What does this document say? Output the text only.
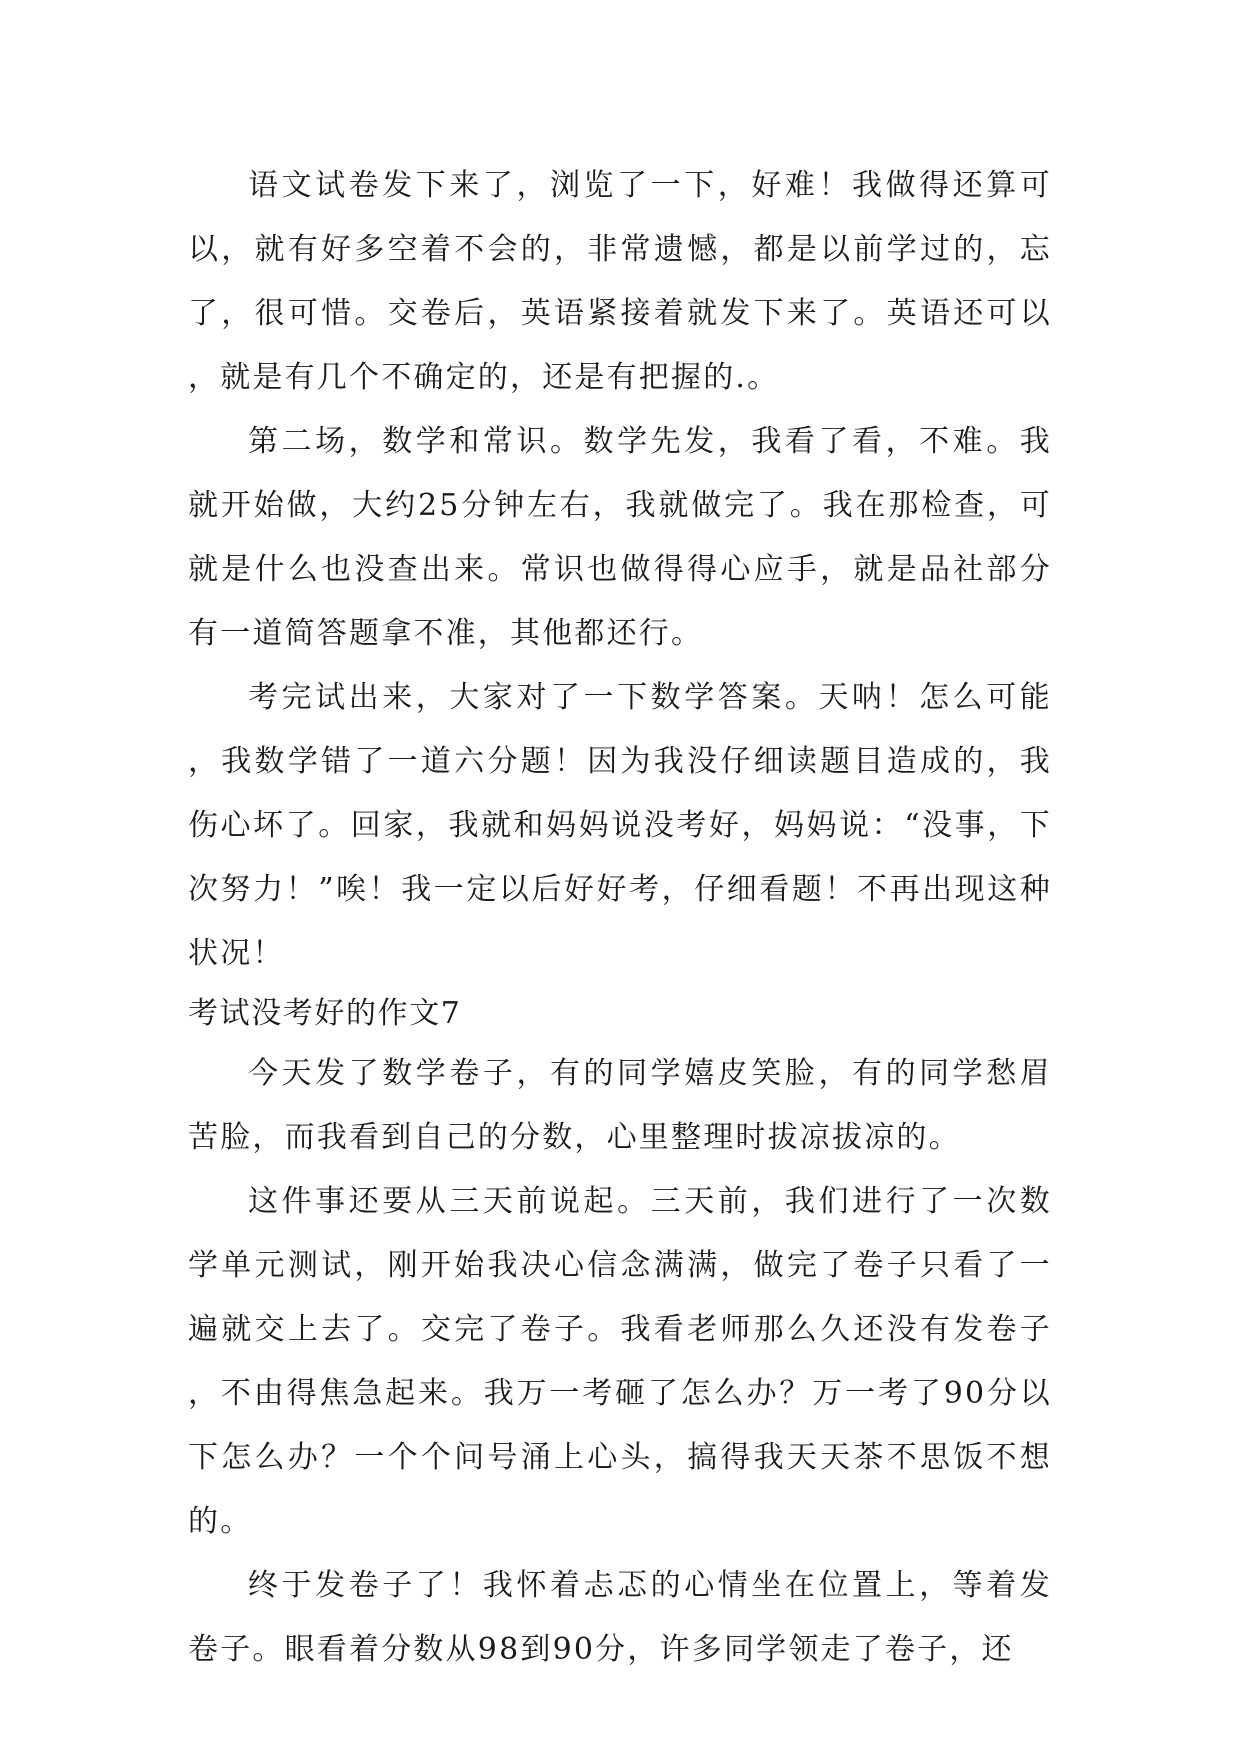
语文试卷发下来了，浏览了一下，好难！我做得还算可以，就有好多空着不会的，非常遗憾，都是以前学过的，忘了，很可惜。交卷后，英语紧接着就发下来了。英语还可以，就是有几个不确定的，还是有把握的.。

第二场，数学和常识。数学先发，我看了看，不难。我就开始做，大约25分钟左右，我就做完了。我在那检查，可就是什么也没查出来。常识也做得得心应手，就是品社部分有一道简答题拿不准，其他都还行。

考完试出来，大家对了一下数学答案。天呐！怎么可能，我数学错了一道六分题！因为我没仔细读题目造成的，我伤心坏了。回家，我就和妈妈说没考好，妈妈说：“没事，下次努力！”唉！我一定以后好好考，仔细看题！不再出现这种状况！

考试没考好的作文7

今天发了数学卷子，有的同学嬉皮笑脸，有的同学愁眉苦脸，而我看到自己的分数，心里整理时拔凉拔凉的。

这件事还要从三天前说起。三天前，我们进行了一次数学单元测试，刚开始我决心信念满满，做完了卷子只看了一遍就交上去了。交完了卷子。我看老师那么久还没有发卷子，不由得焦急起来。我万一考砸了怎么办？万一考了90分以下怎么办？一个个问号涌上心头，搞得我天天茶不思饭不想的。

终于发卷子了！我怀着忐忑的心情坐在位置上，等着发卷子。眼看着分数从98到90分，许多同学领走了卷子，还
